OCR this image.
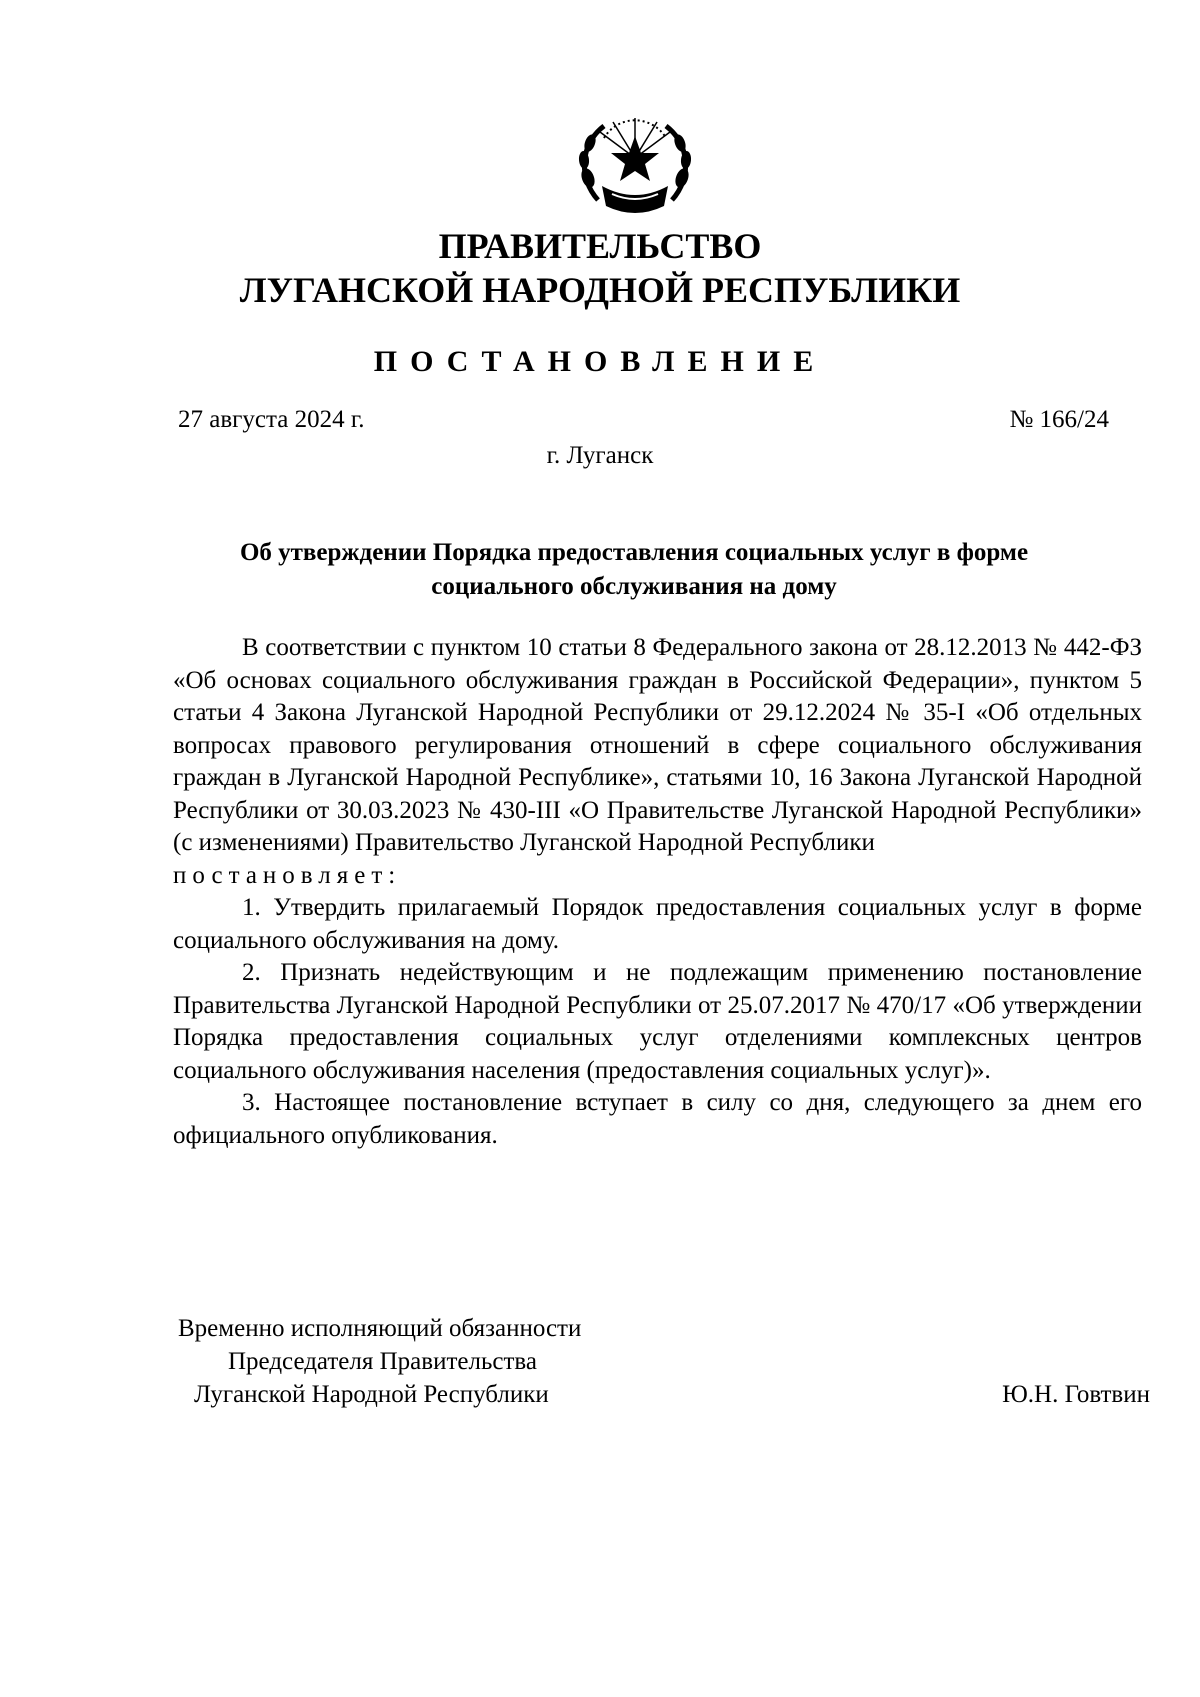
ПРАВИТЕЛЬСТВО
ЛУГАНСКОЙ НАРОДНОЙ РЕСПУБЛИКИ
ПОСТАНОВЛЕНИЕ
27 августа 2024 г.	№ 166/24
г. Луганск
Об утверждении Порядка предоставления социальных услуг в форме
социального обслуживания на дому

В соответствии с пунктом 10 статьи 8 Федерального закона от 28.12.2013 № 442-ФЗ «Об основах социального обслуживания граждан в Российской Федерации», пунктом 5 статьи 4 Закона Луганской Народной Республики от 29.12.2024 № 35-I «Об отдельных вопросах правового регулирования отношений в сфере социального обслуживания граждан в Луганской Народной Республике», статьями 10, 16 Закона Луганской Народной Республики от 30.03.2023 № 430-III «О Правительстве Луганской Народной Республики» (с изменениями) Правительство Луганской Народной Республики

постановляет:

1. Утвердить прилагаемый Порядок предоставления социальных услуг в форме социального обслуживания на дому.

2. Признать недействующим и не подлежащим применению постановление Правительства Луганской Народной Республики от 25.07.2017 № 470/17 «Об утверждении Порядка предоставления социальных услуг отделениями комплексных центров социального обслуживания населения (предоставления социальных услуг)».

3. Настоящее постановление вступает в силу со дня, следующего за днем его официального опубликования.

Временно исполняющий обязанности
Председателя Правительства
Луганской Народной Республики	Ю.Н. Говтвин
